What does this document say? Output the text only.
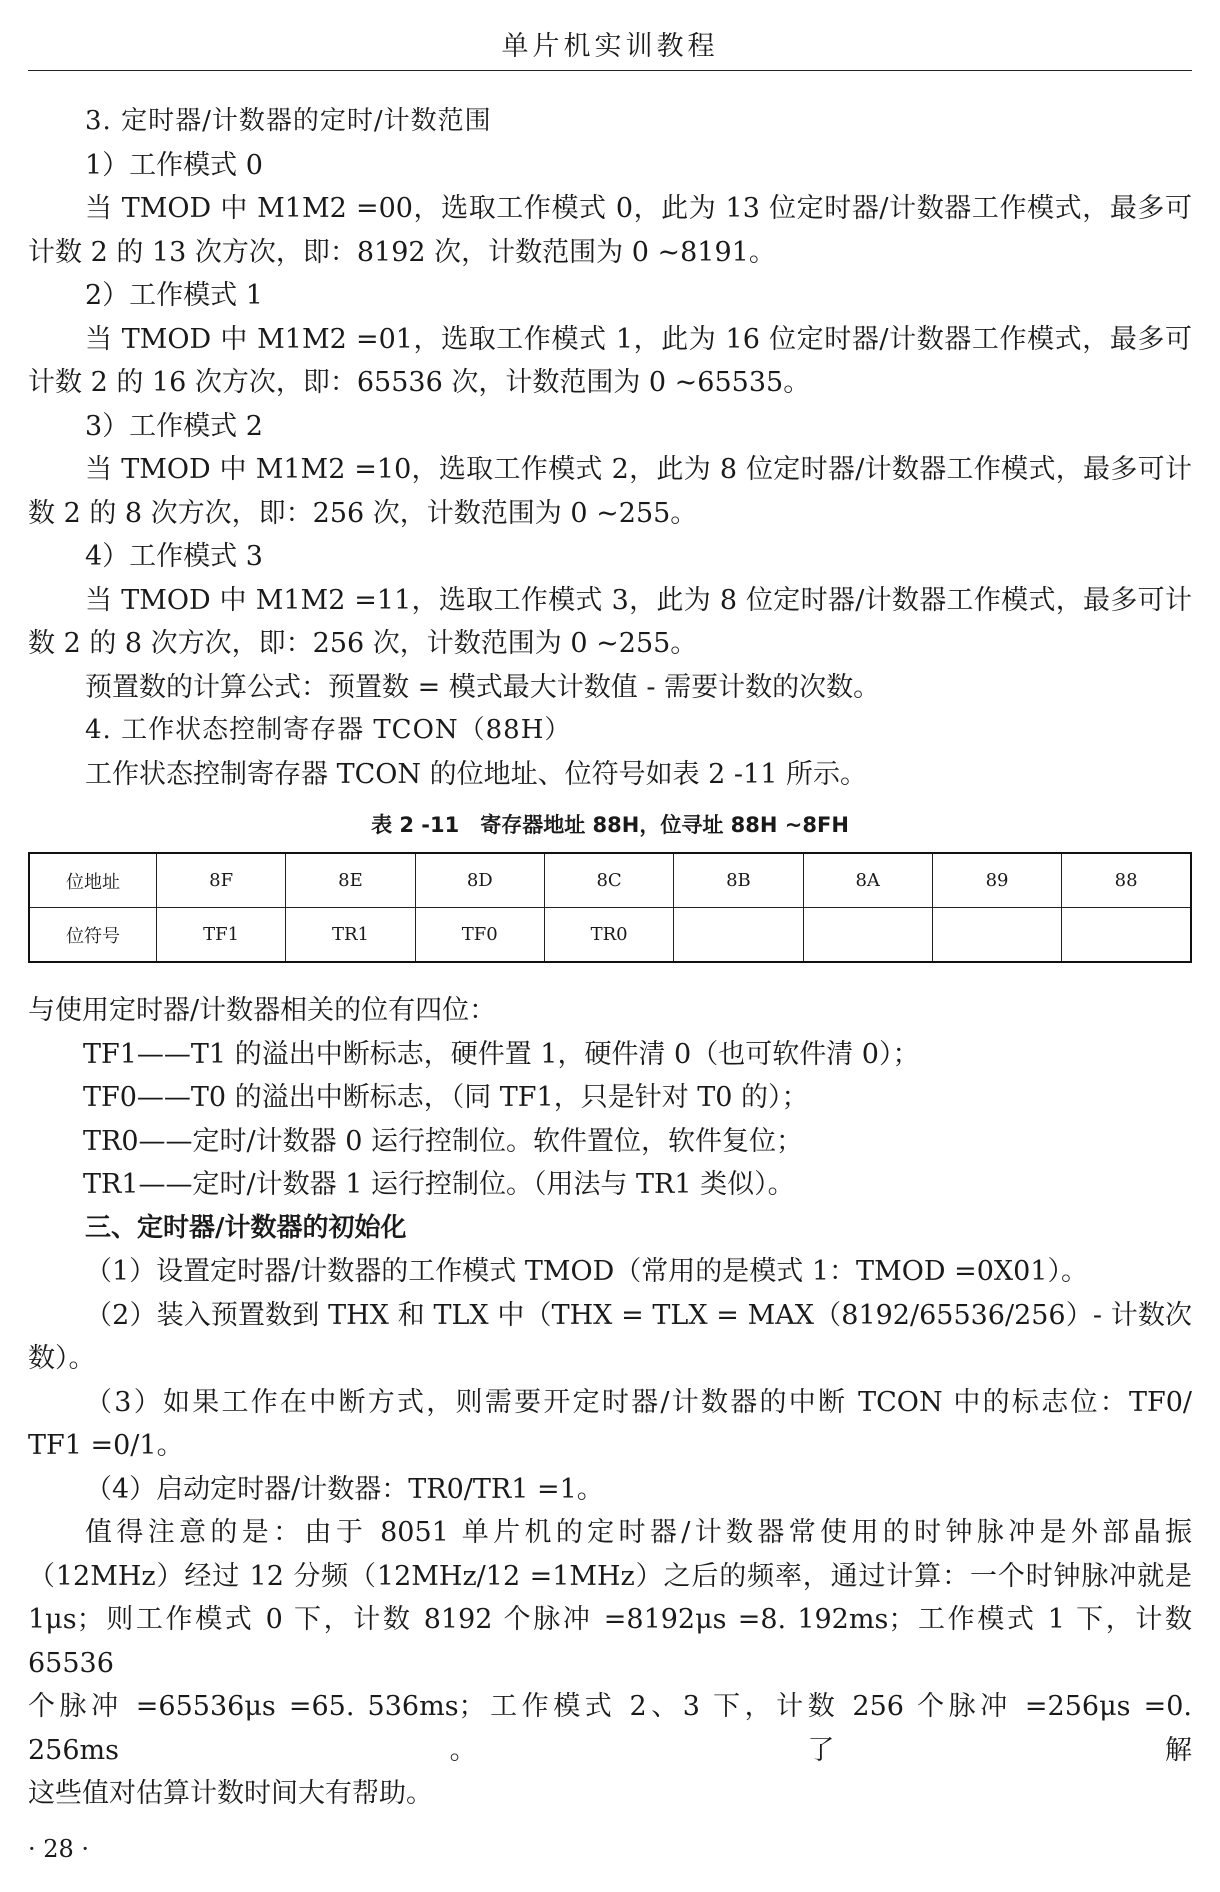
单片机实训教程
3. 定时器/计数器的定时/计数范围
1）工作模式 0
当 TMOD 中 M1M2 =00，选取工作模式 0，此为 13 位定时器/计数器工作模式，最多可
计数 2 的 13 次方次，即：8192 次，计数范围为 0 ~8191。
2）工作模式 1
当 TMOD 中 M1M2 =01，选取工作模式 1，此为 16 位定时器/计数器工作模式，最多可
计数 2 的 16 次方次，即：65536 次，计数范围为 0 ~65535。
3）工作模式 2
当 TMOD 中 M1M2 =10，选取工作模式 2，此为 8 位定时器/计数器工作模式，最多可计
数 2 的 8 次方次，即：256 次，计数范围为 0 ~255。
4）工作模式 3
当 TMOD 中 M1M2 =11，选取工作模式 3，此为 8 位定时器/计数器工作模式，最多可计
数 2 的 8 次方次，即：256 次，计数范围为 0 ~255。
预置数的计算公式：预置数 = 模式最大计数值 - 需要计数的次数。
4. 工作状态控制寄存器 TCON（88H）
工作状态控制寄存器 TCON 的位地址、位符号如表 2 -11 所示。
表 2 -11　寄存器地址 88H，位寻址 88H ~8FH
位地址	8F	8E	8D	8C	8B	8A	89	88
位符号	TF1	TR1	TF0	TR0				
与使用定时器/计数器相关的位有四位：
TF1——T1 的溢出中断标志，硬件置 1，硬件清 0（也可软件清 0）；
TF0——T0 的溢出中断标志，（同 TF1，只是针对 T0 的）；
TR0——定时/计数器 0 运行控制位。软件置位，软件复位；
TR1——定时/计数器 1 运行控制位。（用法与 TR1 类似）。
三、定时器/计数器的初始化
（1）设置定时器/计数器的工作模式 TMOD（常用的是模式 1：TMOD =0X01）。
（2）装入预置数到 THX 和 TLX 中（THX = TLX = MAX（8192/65536/256）- 计数次
数）。
（3）如果工作在中断方式，则需要开定时器/计数器的中断 TCON 中的标志位：TF0/
TF1 =0/1。
（4）启动定时器/计数器：TR0/TR1 =1。
值得注意的是：由于 8051 单片机的定时器/计数器常使用的时钟脉冲是外部晶振
（12MHz）经过 12 分频（12MHz/12 =1MHz）之后的频率，通过计算：一个时钟脉冲就是
1μs；则工作模式 0 下，计数 8192 个脉冲 =8192μs =8. 192ms；工作模式 1 下，计数 65536
个脉冲 =65536μs =65. 536ms；工作模式 2、3 下，计数 256 个脉冲 =256μs =0. 256ms。了解
这些值对估算计数时间大有帮助。
· 28 ·
